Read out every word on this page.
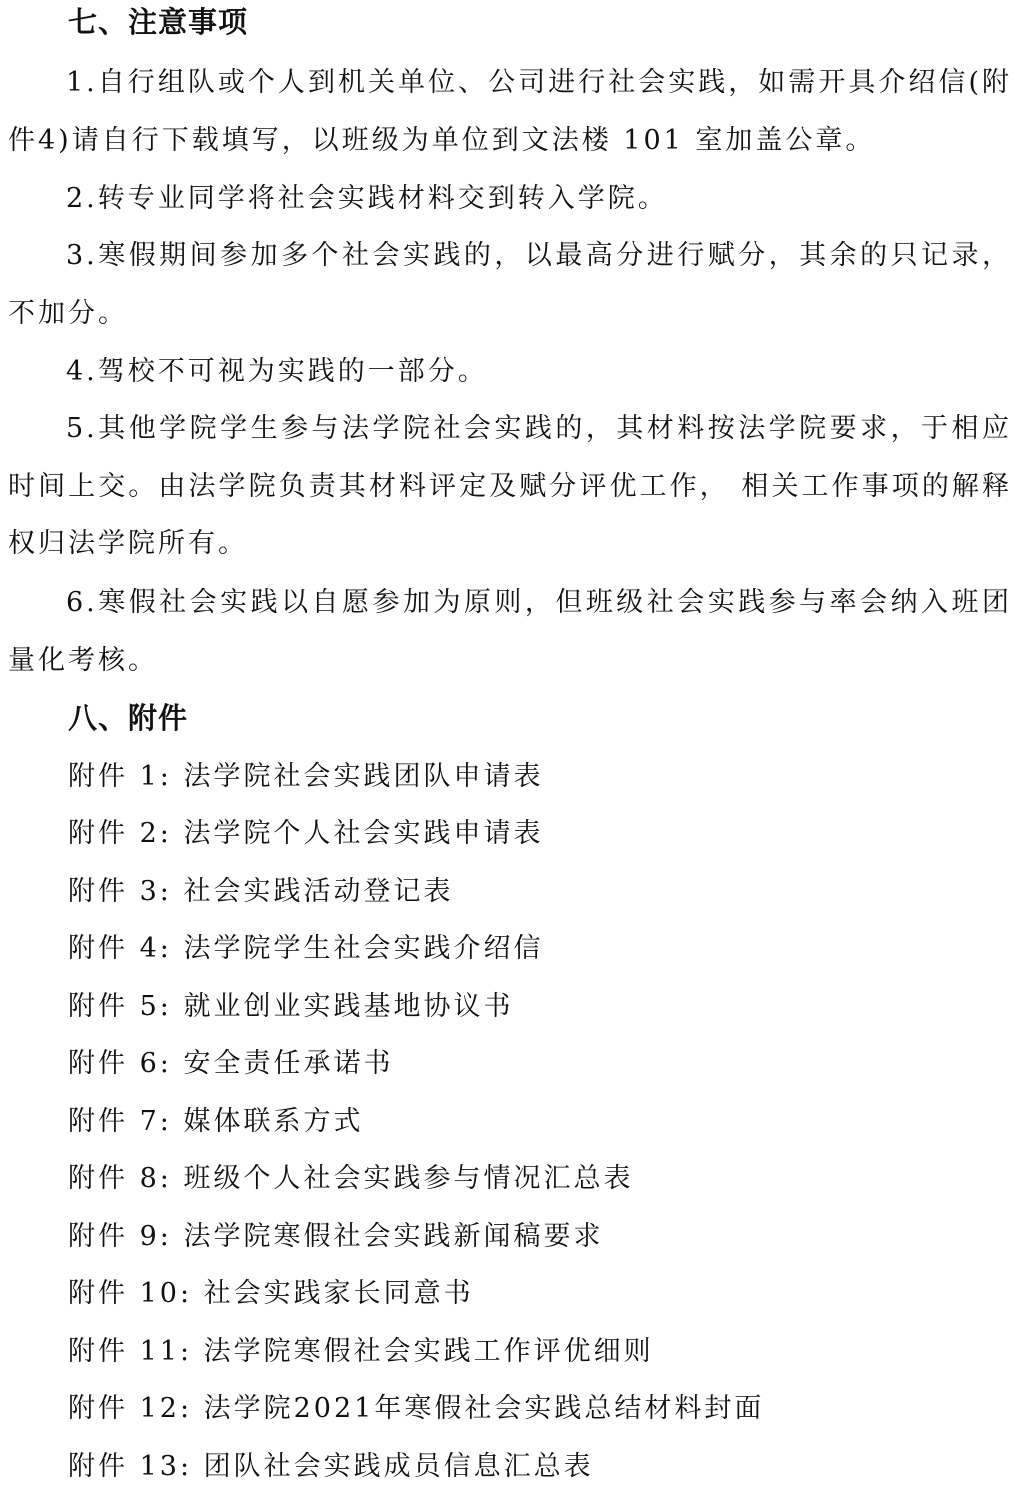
七、注意事项
1.自行组队或个人到机关单位、公司进行社会实践，如需开具介绍信(附件4)请自行下载填写，以班级为单位到文法楼 101 室加盖公章。
2.转专业同学将社会实践材料交到转入学院。
3.寒假期间参加多个社会实践的，以最高分进行赋分，其余的只记录，不加分。
4.驾校不可视为实践的一部分。
5.其他学院学生参与法学院社会实践的，其材料按法学院要求，于相应时间上交。由法学院负责其材料评定及赋分评优工作， 相关工作事项的解释权归法学院所有。
6.寒假社会实践以自愿参加为原则，但班级社会实践参与率会纳入班团量化考核。
八、附件
附件 1: 法学院社会实践团队申请表
附件 2: 法学院个人社会实践申请表
附件 3: 社会实践活动登记表
附件 4: 法学院学生社会实践介绍信
附件 5: 就业创业实践基地协议书
附件 6: 安全责任承诺书
附件 7: 媒体联系方式
附件 8: 班级个人社会实践参与情况汇总表
附件 9: 法学院寒假社会实践新闻稿要求
附件 10: 社会实践家长同意书
附件 11: 法学院寒假社会实践工作评优细则
附件 12: 法学院2021年寒假社会实践总结材料封面
附件 13: 团队社会实践成员信息汇总表
